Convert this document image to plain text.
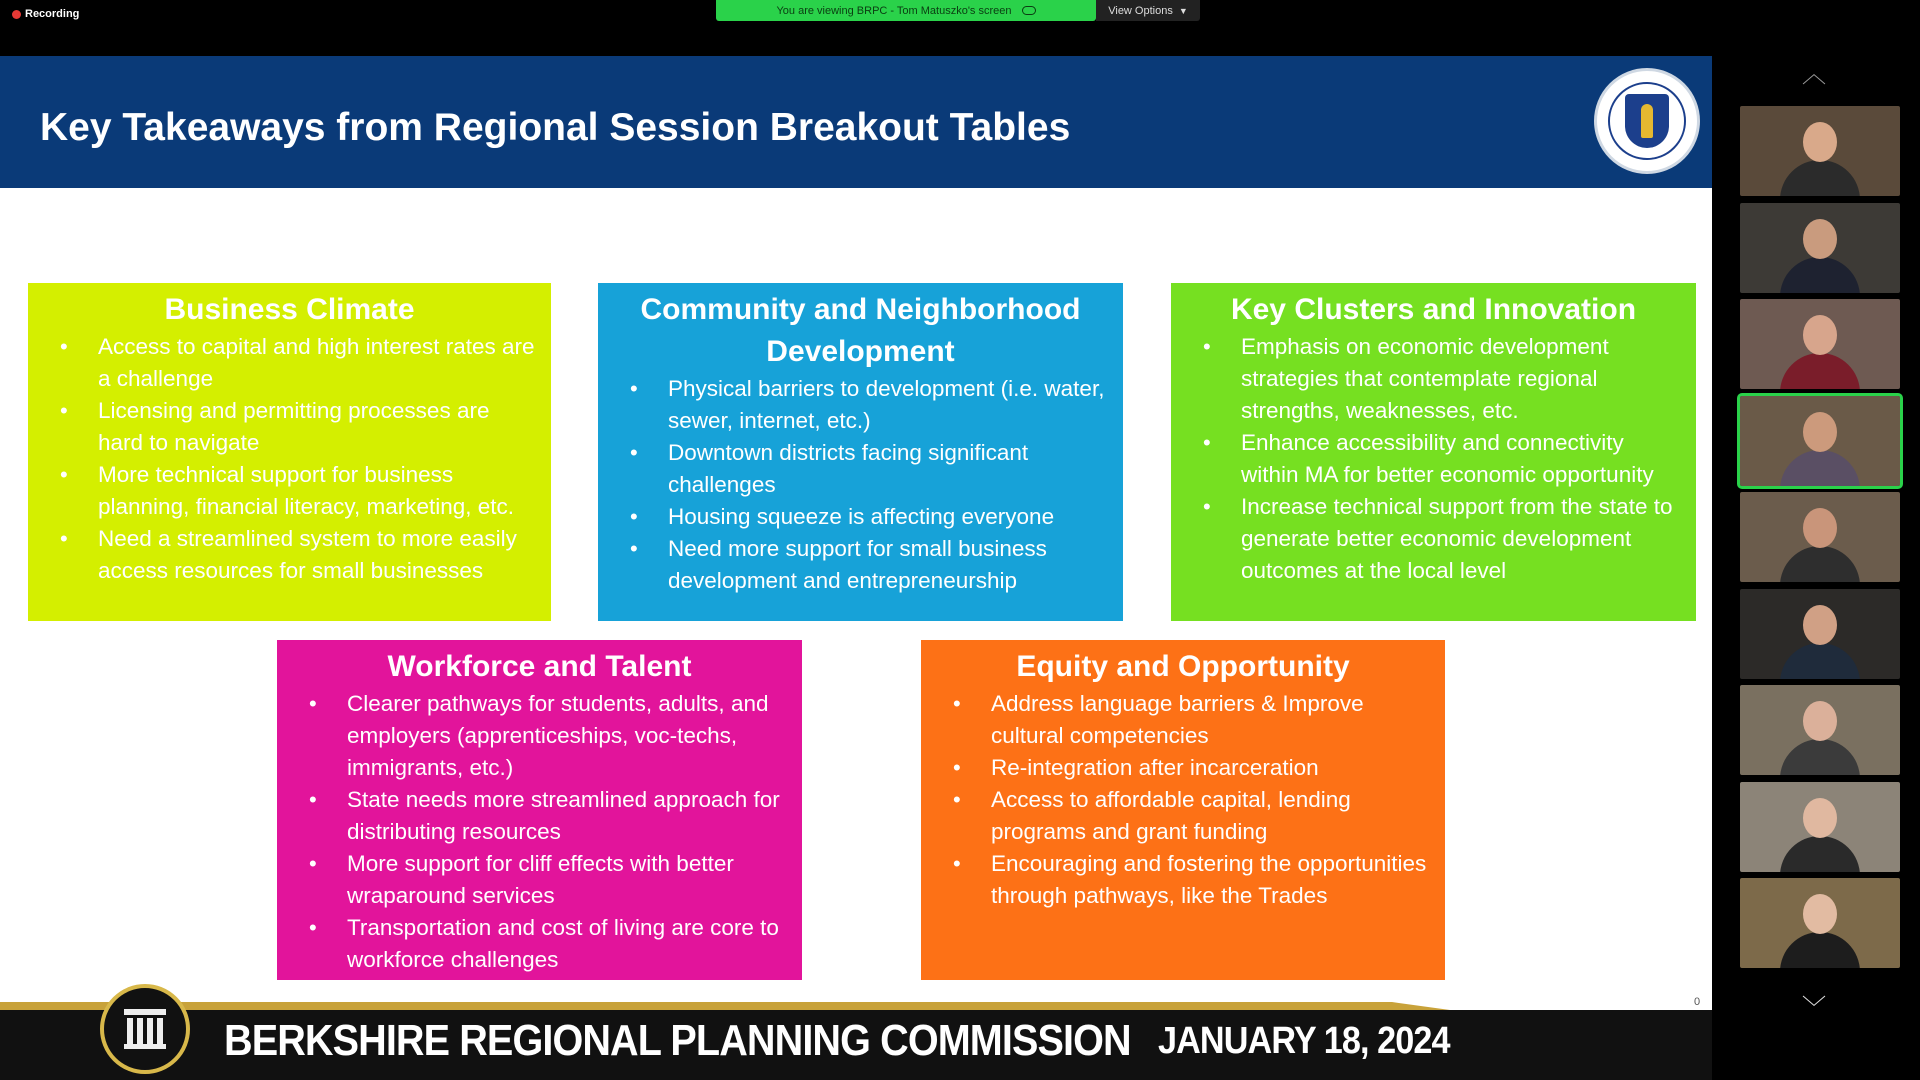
Recording	You are viewing BRPC - Tom Matuszko's screen	View Options ▼
Key Takeaways from Regional Session Breakout Tables
Business Climate
• Access to capital and high interest rates are a challenge
• Licensing and permitting processes are hard to navigate
• More technical support for business planning, financial literacy, marketing, etc.
• Need a streamlined system to more easily access resources for small businesses
Community and Neighborhood Development
• Physical barriers to development (i.e. water, sewer, internet, etc.)
• Downtown districts facing significant challenges
• Housing squeeze is affecting everyone
• Need more support for small business development and entrepreneurship
Key Clusters and Innovation
• Emphasis on economic development strategies that contemplate regional strengths, weaknesses, etc.
• Enhance accessibility and connectivity within MA for better economic opportunity
• Increase technical support from the state to generate better economic development outcomes at the local level
Workforce and Talent
• Clearer pathways for students, adults, and employers (apprenticeships, voc-techs, immigrants, etc.)
• State needs more streamlined approach for distributing resources
• More support for cliff effects with better wraparound services
• Transportation and cost of living are core to workforce challenges
Equity and Opportunity
• Address language barriers & Improve cultural competencies
• Re-integration after incarceration
• Access to affordable capital, lending programs and grant funding
• Encouraging and fostering the opportunities through pathways, like the Trades
0
BERKSHIRE REGIONAL PLANNING COMMISSION JANUARY 18, 2024
︿
﹀
